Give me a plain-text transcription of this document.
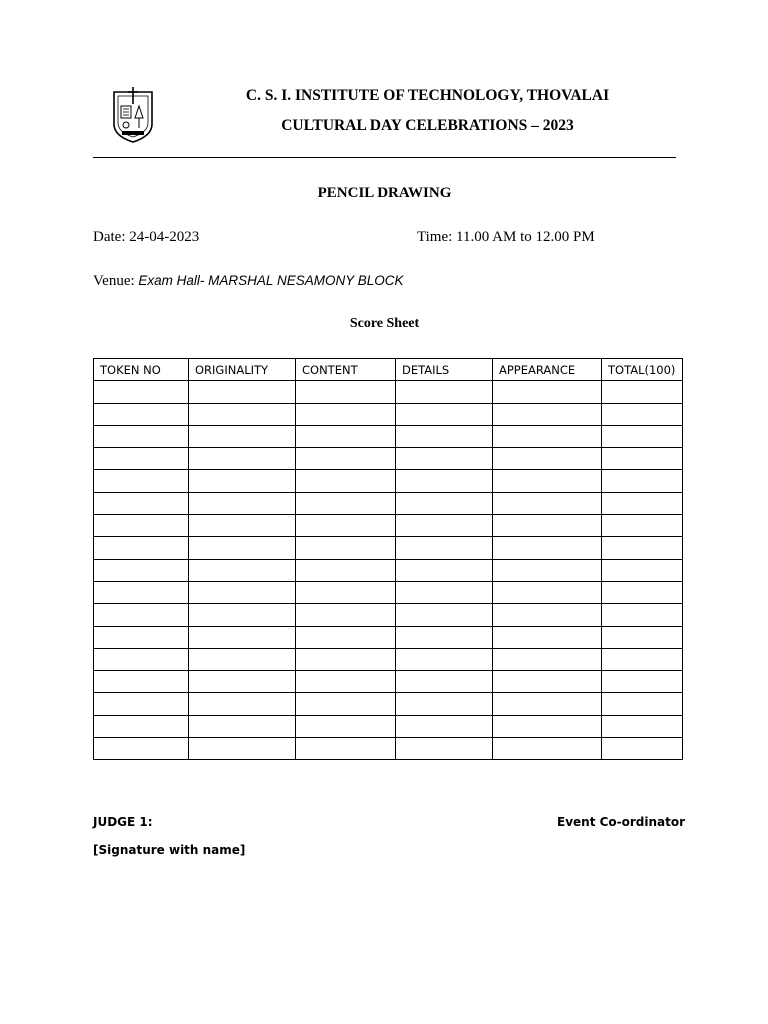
C. S. I. INSTITUTE OF TECHNOLOGY, THOVALAI
CULTURAL DAY CELEBRATIONS – 2023
PENCIL DRAWING
Date: 24-04-2023	Time: 11.00 AM to 12.00 PM
Venue: Exam Hall- MARSHAL NESAMONY BLOCK
Score Sheet
TOKEN NO	ORIGINALITY	CONTENT	DETAILS	APPEARANCE	TOTAL(100)

JUDGE 1:	Event Co-ordinator
[Signature with name]
